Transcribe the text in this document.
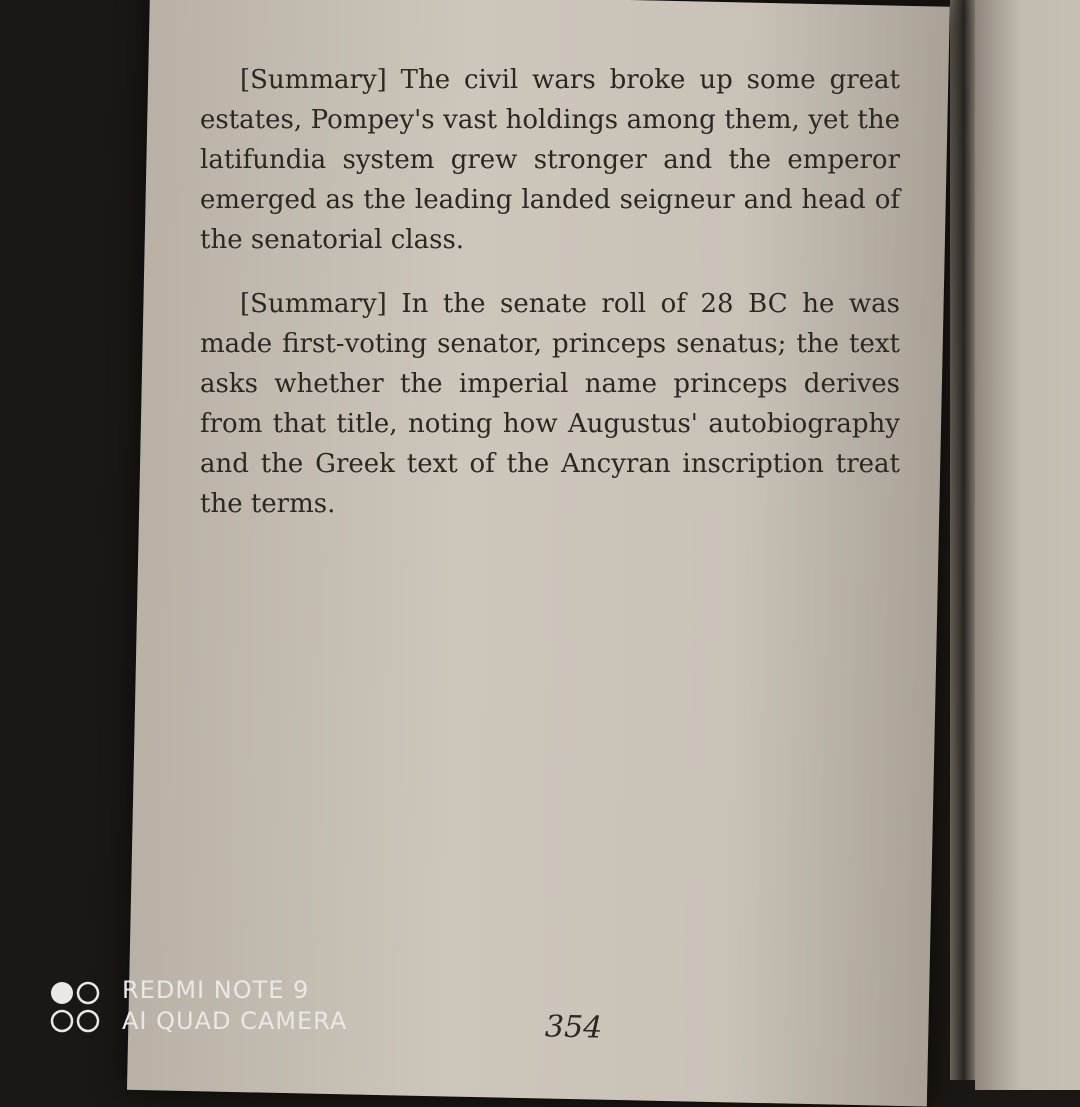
[Summary] The civil wars broke up some great estates, Pompey's vast holdings among them, yet the latifundia system grew stronger and the emperor emerged as the leading landed seigneur and head of the senatorial class.

[Summary] In the senate roll of 28 BC he was made first-voting senator, princeps senatus; the text asks whether the imperial name princeps derives from that title, noting how Augustus' autobiography and the Greek text of the Ancyran inscription treat the terms.

354
REDMI NOTE 9
AI QUAD CAMERA
